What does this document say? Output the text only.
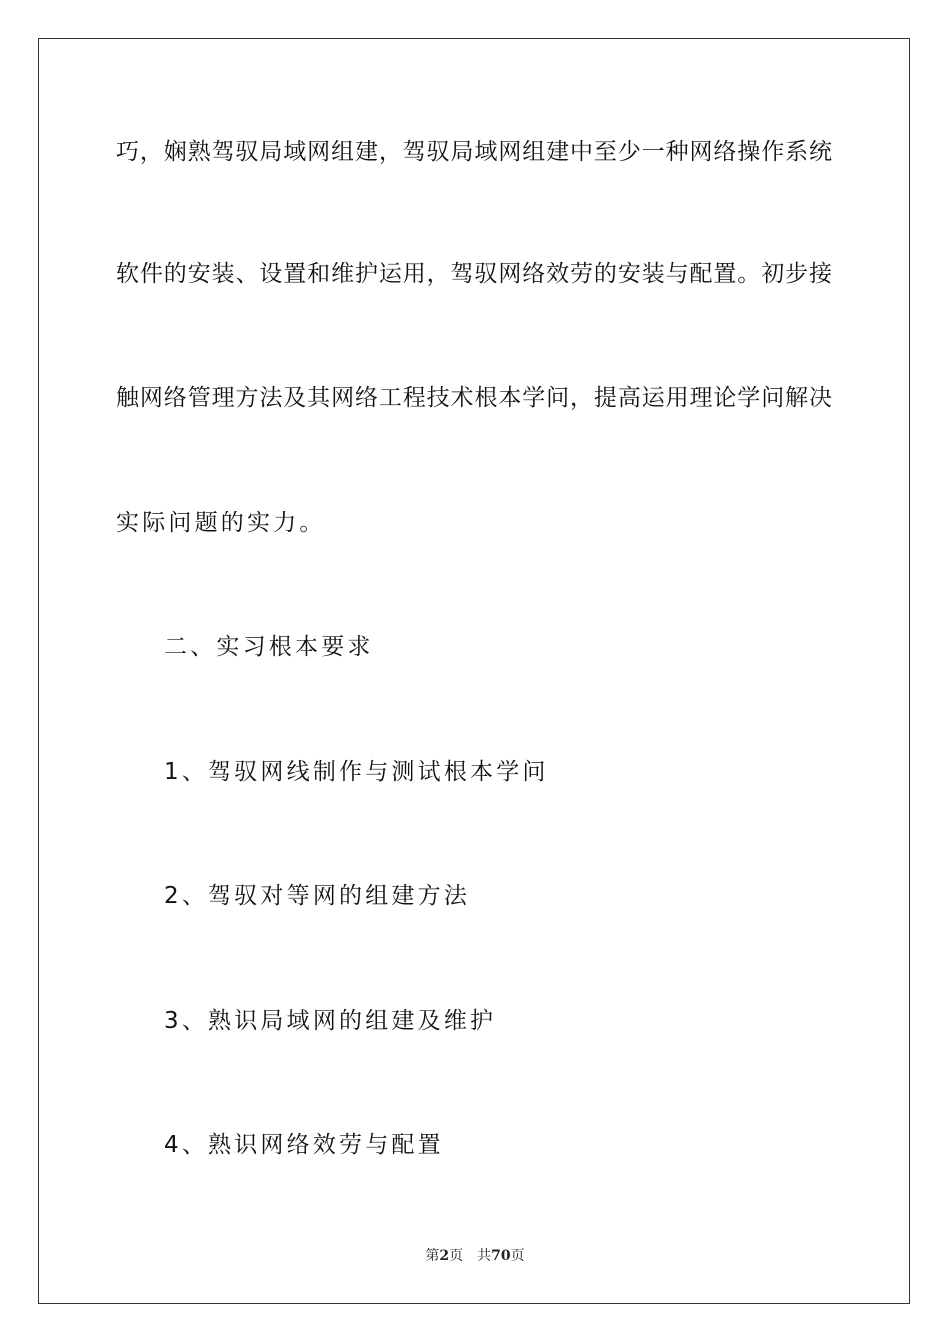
巧，娴熟驾驭局域网组建，驾驭局域网组建中至少一种网络操作系统
软件的安装、设置和维护运用，驾驭网络效劳的安装与配置。初步接
触网络管理方法及其网络工程技术根本学问，提高运用理论学问解决
实际问题的实力。
二、实习根本要求
1、驾驭网线制作与测试根本学问
2、驾驭对等网的组建方法
3、熟识局域网的组建及维护
4、熟识网络效劳与配置
第2页 共70页
